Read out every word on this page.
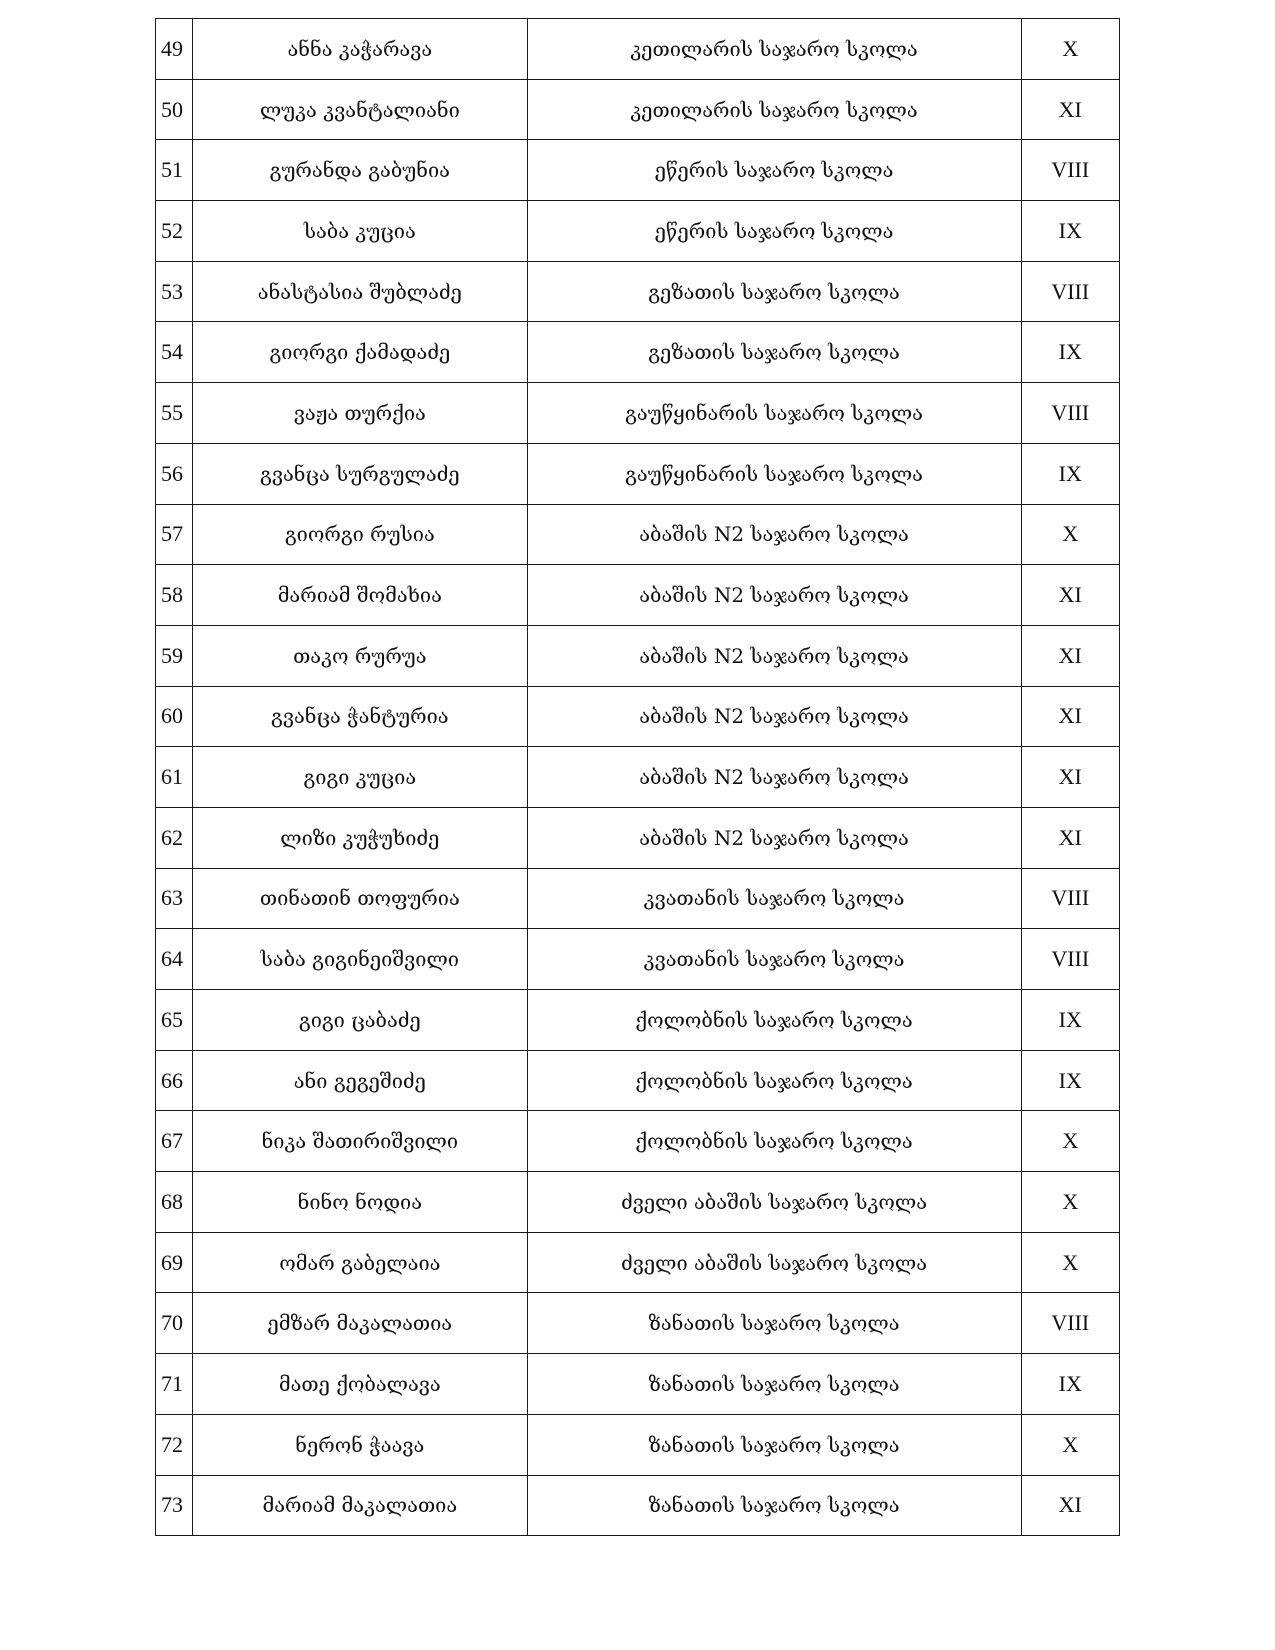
49	ანნა კაჭარავა	კეთილარის საჯარო სკოლა	X
50	ლუკა კვანტალიანი	კეთილარის საჯარო სკოლა	XI
51	გურანდა გაბუნია	ეწერის საჯარო სკოლა	VIII
52	საბა კუცია	ეწერის საჯარო სკოლა	IX
53	ანასტასია შუბლაძე	გეზათის საჯარო სკოლა	VIII
54	გიორგი ქამადაძე	გეზათის საჯარო სკოლა	IX
55	ვაჟა თურქია	გაუწყინარის საჯარო სკოლა	VIII
56	გვანცა სურგულაძე	გაუწყინარის საჯარო სკოლა	IX
57	გიორგი რუსია	აბაშის N2 საჯარო სკოლა	X
58	მარიამ შომახია	აბაშის N2 საჯარო სკოლა	XI
59	თაკო რურუა	აბაშის N2 საჯარო სკოლა	XI
60	გვანცა ჭანტურია	აბაშის N2 საჯარო სკოლა	XI
61	გიგი კუცია	აბაშის N2 საჯარო სკოლა	XI
62	ლიზი კუჭუხიძე	აბაშის N2 საჯარო სკოლა	XI
63	თინათინ თოფურია	კვათანის საჯარო სკოლა	VIII
64	საბა გიგინეიშვილი	კვათანის საჯარო სკოლა	VIII
65	გიგი ცაბაძე	ქოლობნის საჯარო სკოლა	IX
66	ანი გეგეშიძე	ქოლობნის საჯარო სკოლა	IX
67	ნიკა შათირიშვილი	ქოლობნის საჯარო სკოლა	X
68	ნინო ნოდია	ძველი აბაშის საჯარო სკოლა	X
69	ომარ გაბელაია	ძველი აბაშის საჯარო სკოლა	X
70	ემზარ მაკალათია	ზანათის საჯარო სკოლა	VIII
71	მათე ქობალავა	ზანათის საჯარო სკოლა	IX
72	ნერონ ჭაავა	ზანათის საჯარო სკოლა	X
73	მარიამ მაკალათია	ზანათის საჯარო სკოლა	XI
